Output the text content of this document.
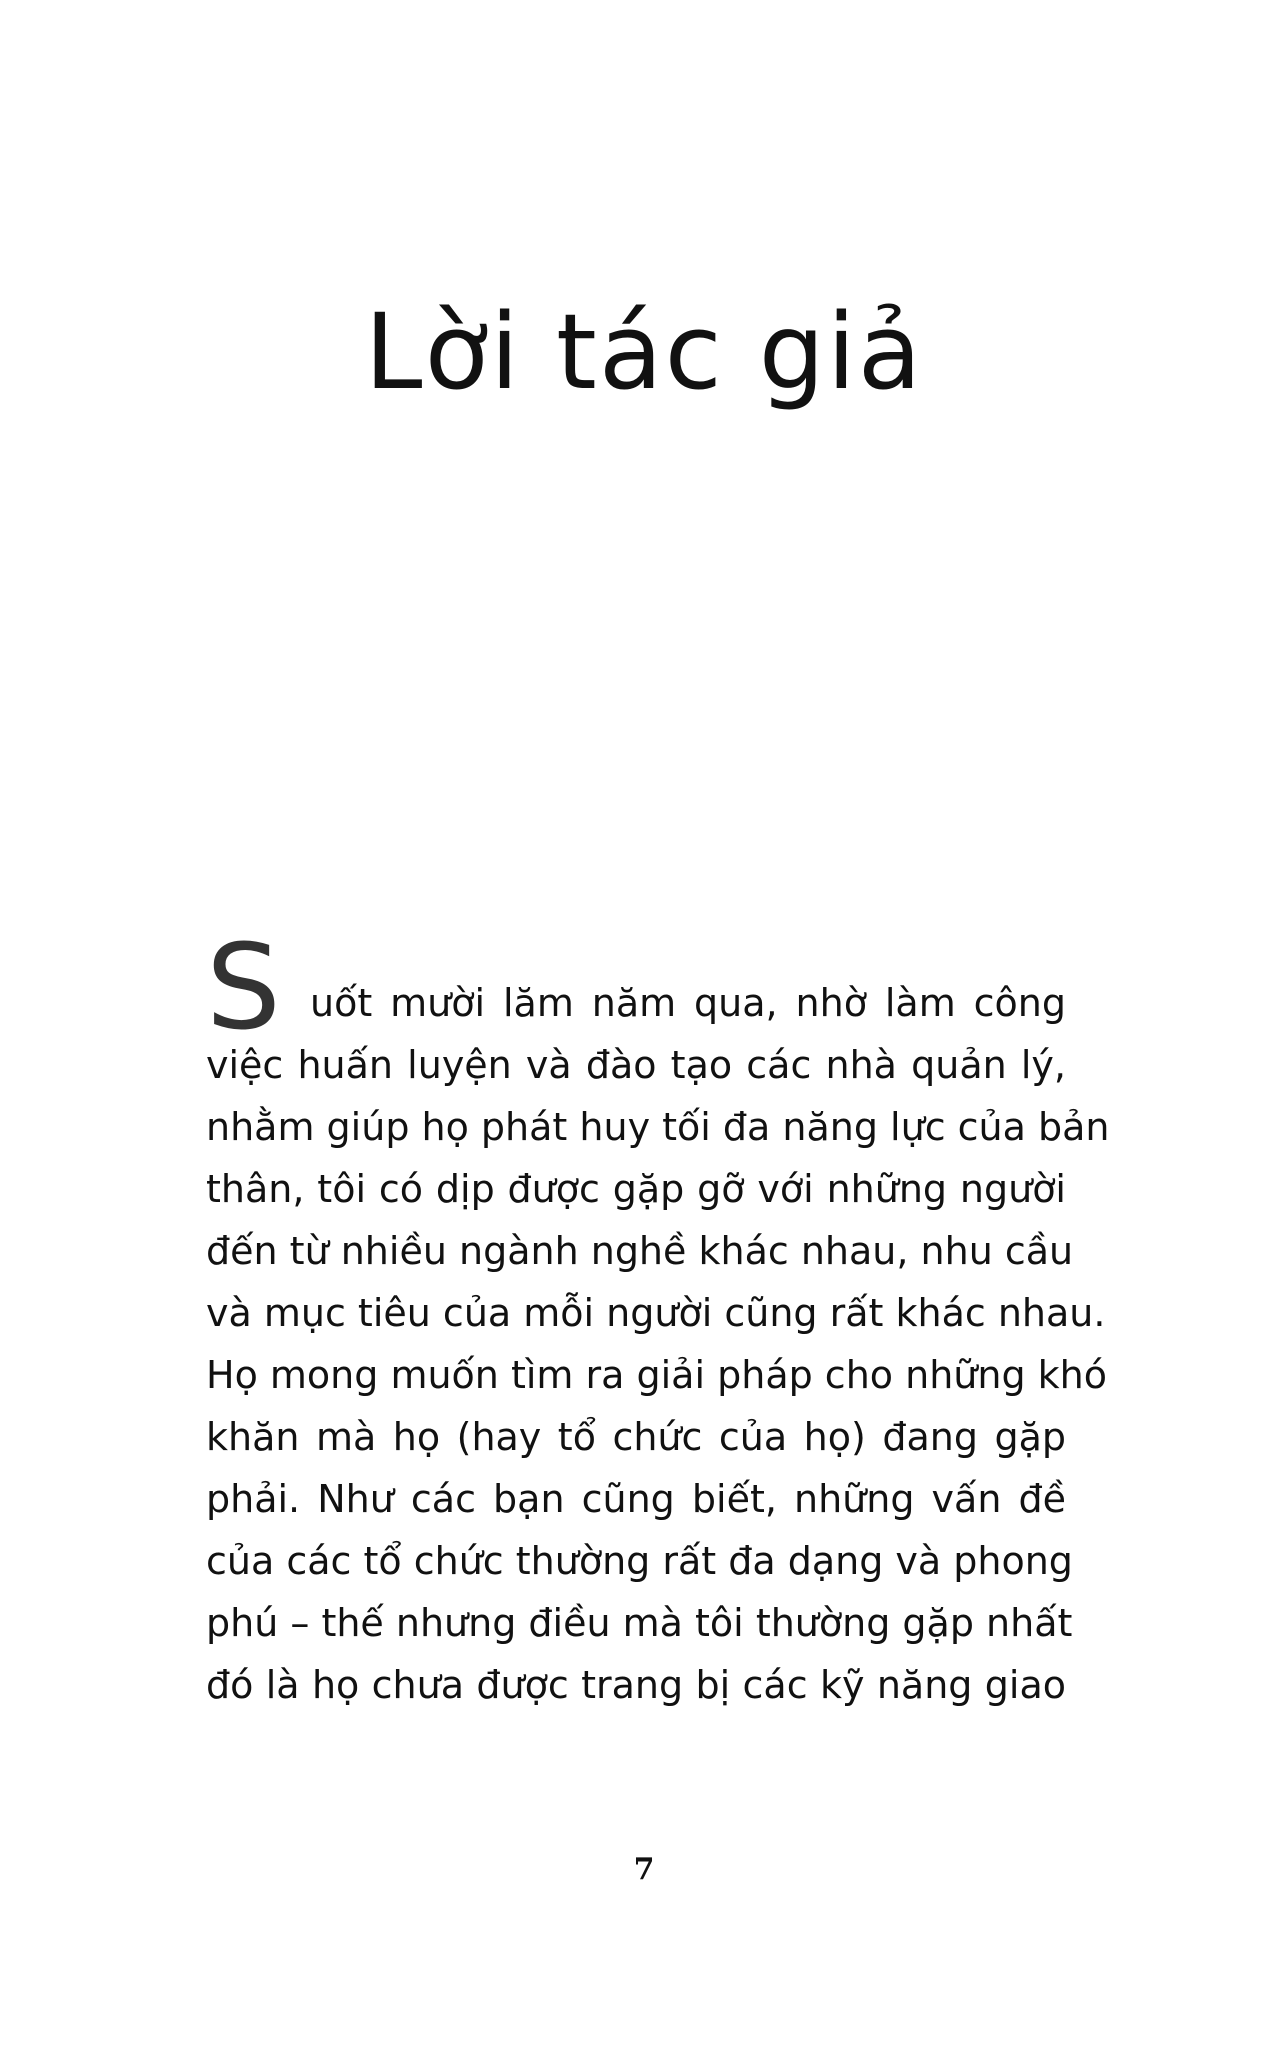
Lời tác giả
S uốt mười lăm năm qua, nhờ làm công
việc huấn luyện và đào tạo các nhà quản lý,
nhằm giúp họ phát huy tối đa năng lực của bản
thân, tôi có dịp được gặp gỡ với những người
đến từ nhiều ngành nghề khác nhau, nhu cầu
và mục tiêu của mỗi người cũng rất khác nhau.
Họ mong muốn tìm ra giải pháp cho những khó
khăn mà họ (hay tổ chức của họ) đang gặp
phải. Như các bạn cũng biết, những vấn đề
của các tổ chức thường rất đa dạng và phong
phú – thế nhưng điều mà tôi thường gặp nhất
đó là họ chưa được trang bị các kỹ năng giao
7
